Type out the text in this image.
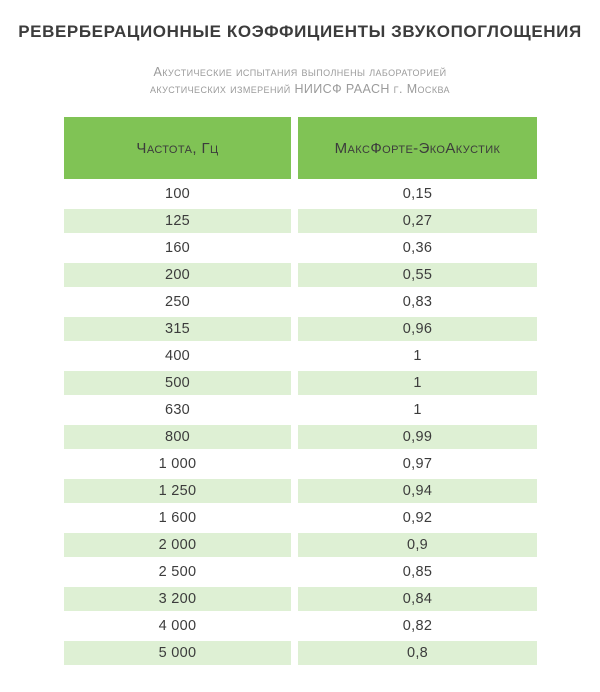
РЕВЕРБЕРАЦИОННЫЕ КОЭФФИЦИЕНТЫ ЗВУКОПОГЛОЩЕНИЯ

Акустические испытания выполнены лабораторией
акустических измерений НИИСФ РААСН г. Москва

Частота, Гц	МаксФорте-ЭкоАкустик
100	0,15
125	0,27
160	0,36
200	0,55
250	0,83
315	0,96
400	1
500	1
630	1
800	0,99
1 000	0,97
1 250	0,94
1 600	0,92
2 000	0,9
2 500	0,85
3 200	0,84
4 000	0,82
5 000	0,8
